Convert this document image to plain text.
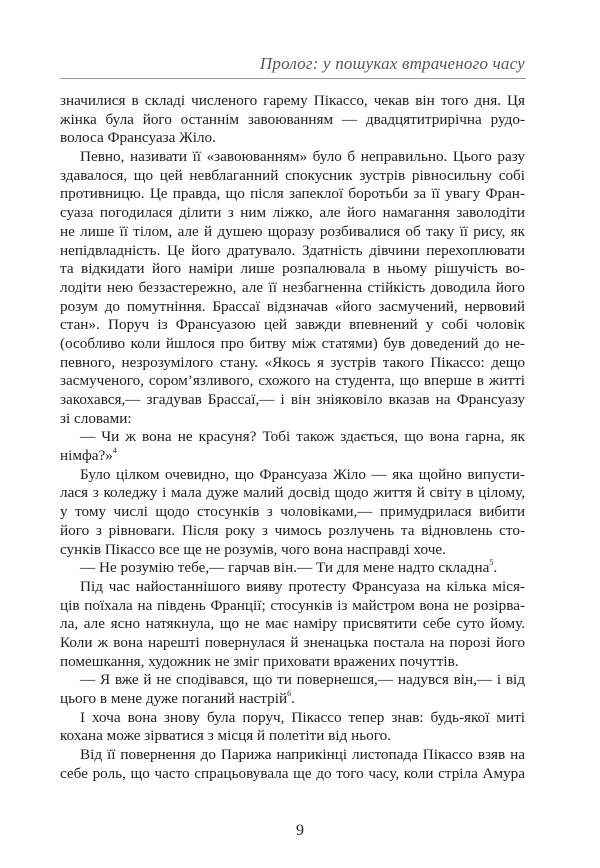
Пролог: у пошуках втраченого часу
значилися в складі численого гарему Пікассо, чекав він того дня. Ця
жінка була його останнім завоюванням — двадцятитрирічна рудо-
волоса Франсуаза Жіло.
Певно, називати її «завоюванням» було б неправильно. Цього разу
здавалося, що цей невблаганний спокусник зустрів рівносильну собі
противницю. Це правда, що після запеклої боротьби за її увагу Фран-
суаза погодилася ділити з ним ліжко, але його намагання заволодіти
не лише її тілом, але й душею щоразу розбивалися об таку її рису, як
непідвладність. Це його дратувало. Здатність дівчини перехоплювати
та відкидати його наміри лише розпалювала в ньому рішучість во-
лодіти нею беззастережно, але її незбагненна стійкість доводила його
розум до помутніння. Брассаї відзначав «його засмучений, нервовий
стан». Поруч із Франсуазою цей завжди впевнений у собі чоловік
(особливо коли йшлося про битву між статями) був доведений до не-
певного, незрозумілого стану. «Якось я зустрів такого Пікассо: дещо
засмученого, сором’язливого, схожого на студента, що вперше в житті
закохався,— згадував Брассаї,— і він зніяковіло вказав на Франсуазу
зі словами:
— Чи ж вона не красуня? Тобі також здається, що вона гарна, як
німфа?»$^4$
Було цілком очевидно, що Франсуаза Жіло — яка щойно випусти-
лася з коледжу і мала дуже малий досвід щодо життя й світу в цілому,
у тому числі щодо стосунків з чоловіками,— примудрилася вибити
його з рівноваги. Після року з чимось розлучень та відновлень сто-
сунків Пікассо все ще не розумів, чого вона насправді хоче.
— Не розумію тебе,— гарчав він.— Ти для мене надто складна$^5$.
Під час найостаннішого вияву протесту Франсуаза на кілька міся-
ців поїхала на південь Франції; стосунків із майстром вона не розірва-
ла, але ясно натякнула, що не має наміру присвятити себе суто йому.
Коли ж вона нарешті повернулася й зненацька постала на порозі його
помешкання, художник не зміг приховати вражених почуттів.
— Я вже й не сподівався, що ти повернешся,— надувся він,— і від
цього в мене дуже поганий настрій$^6$.
І хоча вона знову була поруч, Пікассо тепер знав: будь-якої миті
кохана може зірватися з місця й полетіти від нього.
Від її повернення до Парижа наприкінці листопада Пікассо взяв на
себе роль, що часто спрацьовувала ще до того часу, коли стріла Амура
9
